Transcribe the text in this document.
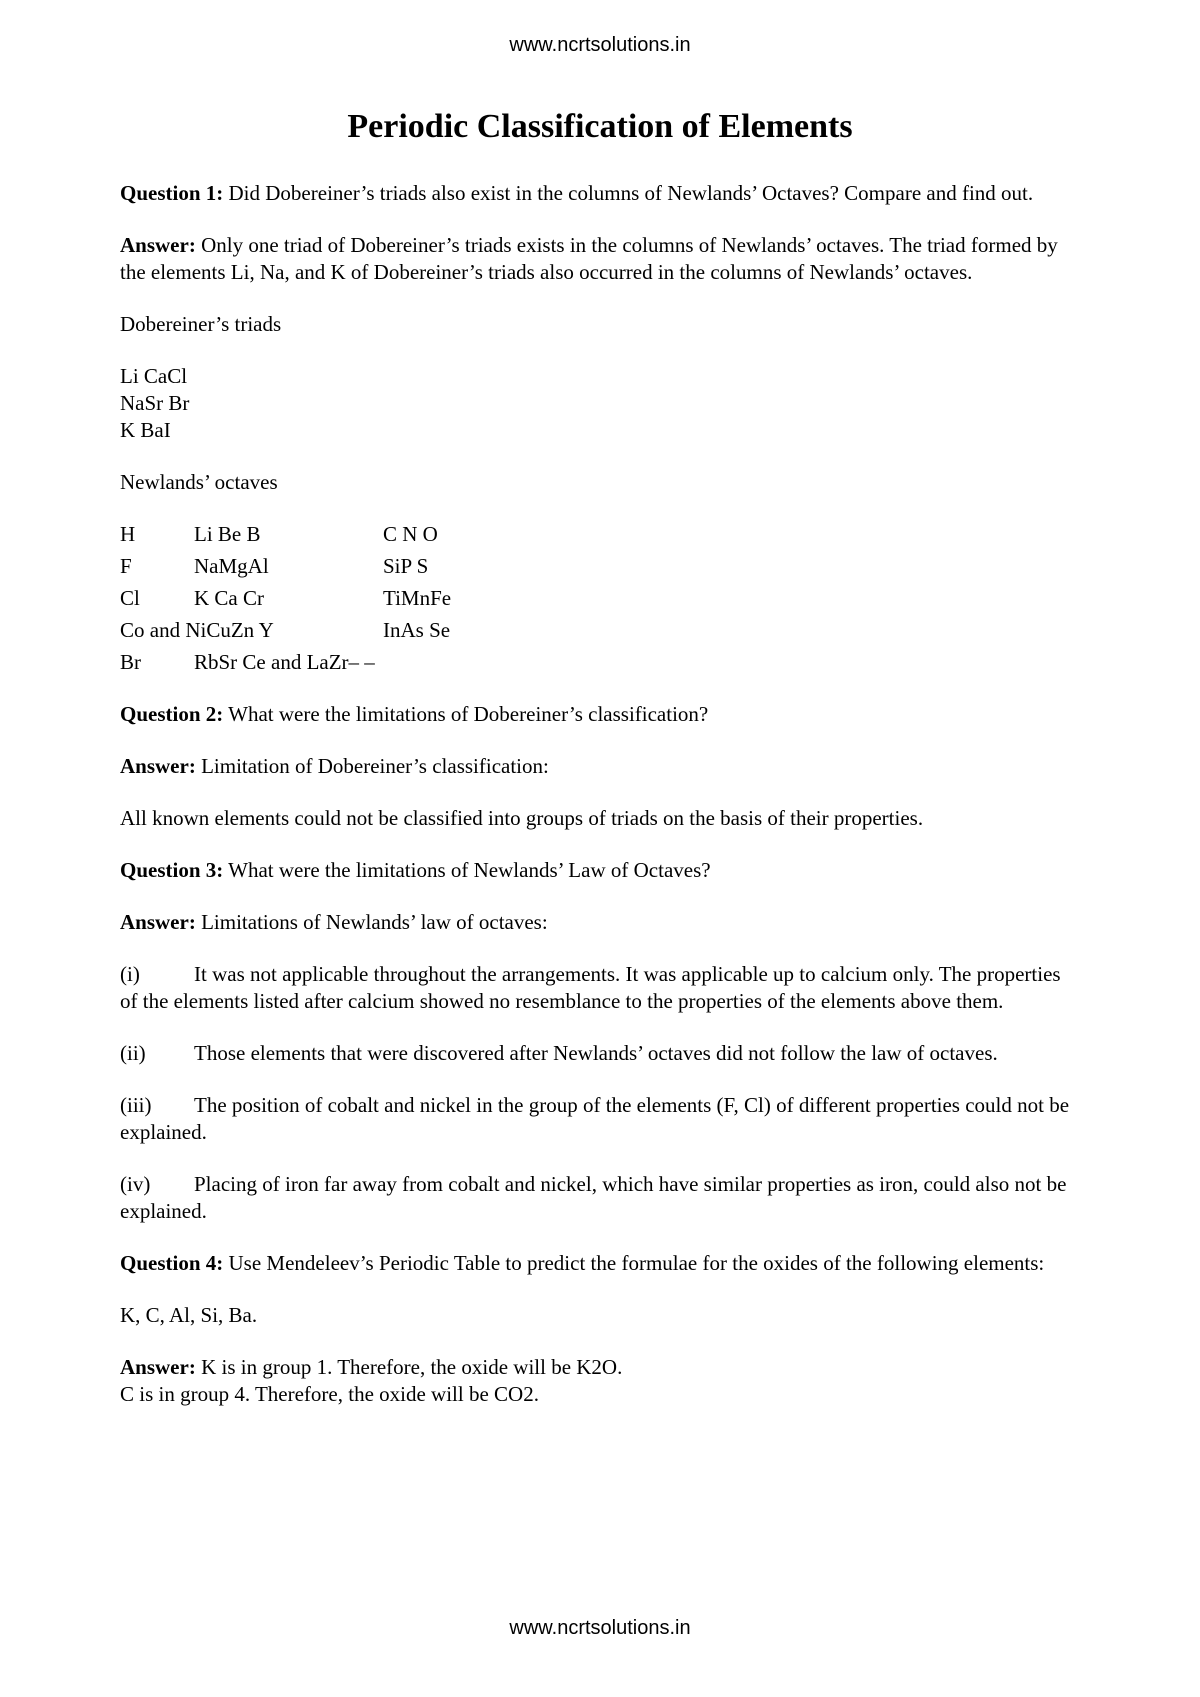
www.ncrtsolutions.in
Periodic Classification of Elements

Question 1: Did Dobereiner’s triads also exist in the columns of Newlands’ Octaves? Compare and find out.

Answer: Only one triad of Dobereiner’s triads exists in the columns of Newlands’ octaves. The triad formed by the elements Li, Na, and K of Dobereiner’s triads also occurred in the columns of Newlands’ octaves.

Dobereiner’s triads

Li CaCl
NaSr Br
K BaI

Newlands’ octaves

H	Li Be B	C N O
F	NaMgAl	SiP S
Cl	K Ca Cr	TiMnFe
Co and NiCuZn Y		InAs Se
Br	RbSr Ce and LaZr– –	

Question 2: What were the limitations of Dobereiner’s classification?

Answer: Limitation of Dobereiner’s classification:

All known elements could not be classified into groups of triads on the basis of their properties.

Question 3: What were the limitations of Newlands’ Law of Octaves?

Answer: Limitations of Newlands’ law of octaves:

(i)	It was not applicable throughout the arrangements. It was applicable up to calcium only. The properties of the elements listed after calcium showed no resemblance to the properties of the elements above them.

(ii) Those elements that were discovered after Newlands’ octaves did not follow the law of octaves.

(iii) The position of cobalt and nickel in the group of the elements (F, Cl) of different properties could not be explained.

(iv) Placing of iron far away from cobalt and nickel, which have similar properties as iron, could also not be explained.

Question 4: Use Mendeleev’s Periodic Table to predict the formulae for the oxides of the following elements:

K, C, Al, Si, Ba.

Answer: K is in group 1. Therefore, the oxide will be K2O.
C is in group 4. Therefore, the oxide will be CO2.
www.ncrtsolutions.in
